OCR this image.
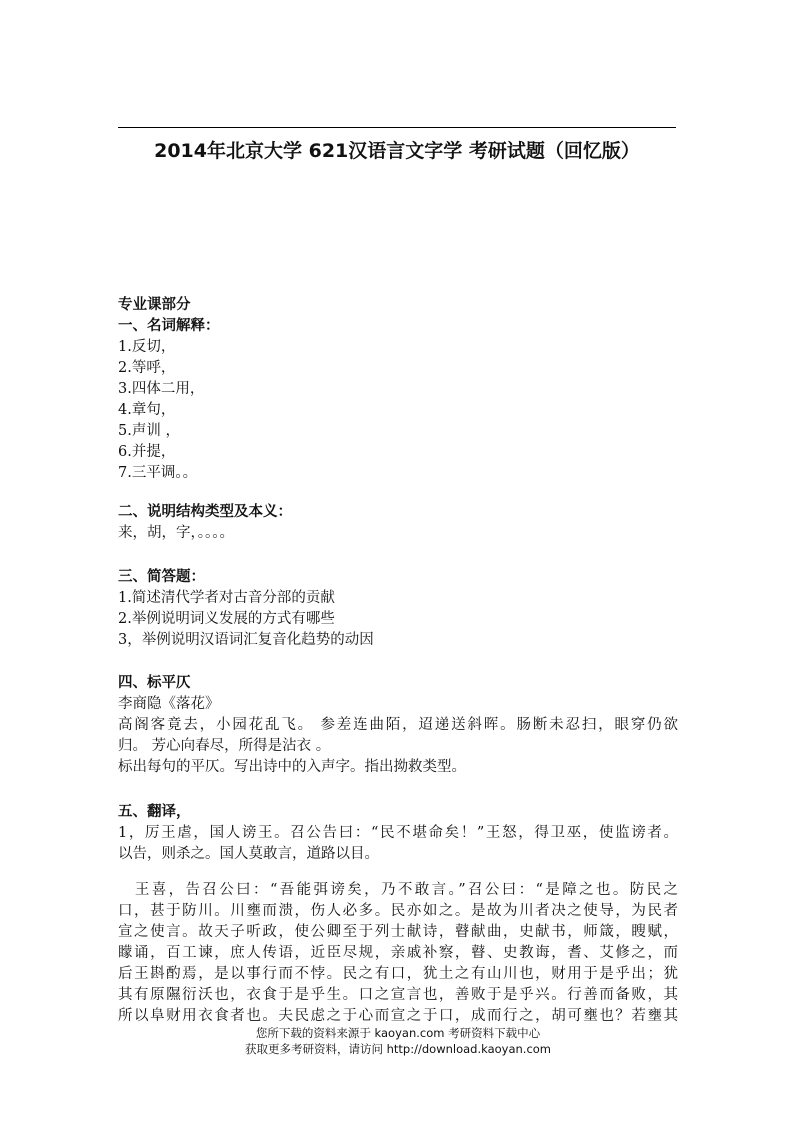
2014年北京大学 621汉语言文字学 考研试题（回忆版）
专业课部分
一、名词解释：
1.反切，
2.等呼，
3.四体二用，
4.章句，
5.声训 ，
6.并提，
7.三平调。。
二、说明结构类型及本义：
来，胡，字，。。。。
三、简答题：
1.简述清代学者对古音分部的贡献
2.举例说明词义发展的方式有哪些
3，举例说明汉语词汇复音化趋势的动因
四、标平仄
李商隐《落花》
高阁客竟去，小园花乱飞。 参差连曲陌，迢递送斜晖。肠断未忍扫，眼穿仍欲
归。 芳心向春尽，所得是沾衣 。
标出每句的平仄。写出诗中的入声字。指出拗救类型。
五、翻译，
1，厉王虐，国人谤王。召公告曰：“民不堪命矣！”王怒，得卫巫，使监谤者。
以告，则杀之。国人莫敢言，道路以目。
　王喜，告召公曰：“吾能弭谤矣，乃不敢言。”召公曰：“是障之也。防民之
口，甚于防川。川壅而溃，伤人必多。民亦如之。是故为川者决之使导，为民者
宣之使言。故天子听政，使公卿至于列士献诗，瞽献曲，史献书，师箴，瞍赋，
矇诵，百工谏，庶人传语，近臣尽规，亲戚补察，瞽、史教诲，耆、艾修之，而
后王斟酌焉，是以事行而不悖。民之有口，犹土之有山川也，财用于是乎出；犹
其有原隰衍沃也，衣食于是乎生。口之宣言也，善败于是乎兴。行善而备败，其
所以阜财用衣食者也。夫民虑之于心而宣之于口，成而行之，胡可壅也？若壅其
您所下载的资料来源于 kaoyan.com 考研资料下载中心
获取更多考研资料，请访问 http://download.kaoyan.com
